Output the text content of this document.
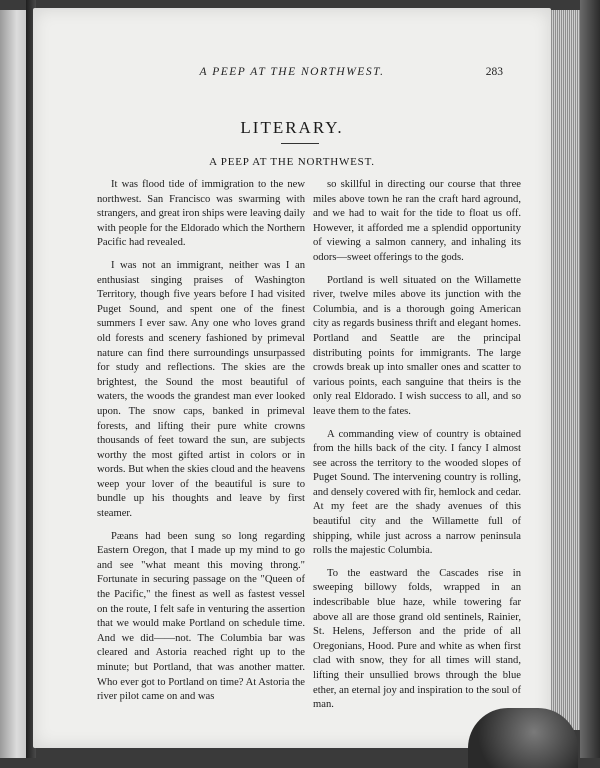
A PEEP AT THE NORTHWEST.	283
LITERARY.
A PEEP AT THE NORTHWEST.

It was flood tide of immigration to the new northwest. San Francisco was swarming with strangers, and great iron ships were leaving daily with people for the Eldorado which the Northern Pacific had revealed.

I was not an immigrant, neither was I an enthusiast singing praises of Washington Territory, though five years before I had visited Puget Sound, and spent one of the finest summers I ever saw. Any one who loves grand old forests and scenery fashioned by primeval nature can find there surroundings unsurpassed for study and reflections. The skies are the brightest, the Sound the most beautiful of waters, the woods the grandest man ever looked upon. The snow caps, banked in primeval forests, and lifting their pure white crowns thousands of feet toward the sun, are subjects worthy the most gifted artist in colors or in words. But when the skies cloud and the heavens weep your lover of the beautiful is sure to bundle up his thoughts and leave by first steamer.

Pæans had been sung so long regarding Eastern Oregon, that I made up my mind to go and see "what meant this moving throng." Fortunate in securing passage on the "Queen of the Pacific," the finest as well as fastest vessel on the route, I felt safe in venturing the assertion that we would make Portland on schedule time. And we did——not. The Columbia bar was cleared and Astoria reached right up to the minute; but Portland, that was another matter. Who ever got to Portland on time? At Astoria the river pilot came on and was

so skillful in directing our course that three miles above town he ran the craft hard aground, and we had to wait for the tide to float us off. However, it afforded me a splendid opportunity of viewing a salmon cannery, and inhaling its odors—sweet offerings to the gods.

Portland is well situated on the Willamette river, twelve miles above its junction with the Columbia, and is a thorough going American city as regards business thrift and elegant homes. Portland and Seattle are the principal distributing points for immigrants. The large crowds break up into smaller ones and scatter to various points, each sanguine that theirs is the only real Eldorado. I wish success to all, and so leave them to the fates.

A commanding view of country is obtained from the hills back of the city. I fancy I almost see across the territory to the wooded slopes of Puget Sound. The intervening country is rolling, and densely covered with fir, hemlock and cedar. At my feet are the shady avenues of this beautiful city and the Willamette full of shipping, while just across a narrow peninsula rolls the majestic Columbia.

To the eastward the Cascades rise in sweeping billowy folds, wrapped in an indescribable blue haze, while towering far above all are those grand old sentinels, Rainier, St. Helens, Jefferson and the pride of all Oregonians, Hood. Pure and white as when first clad with snow, they for all times will stand, lifting their unsullied brows through the blue ether, an eternal joy and inspiration to the soul of man.
